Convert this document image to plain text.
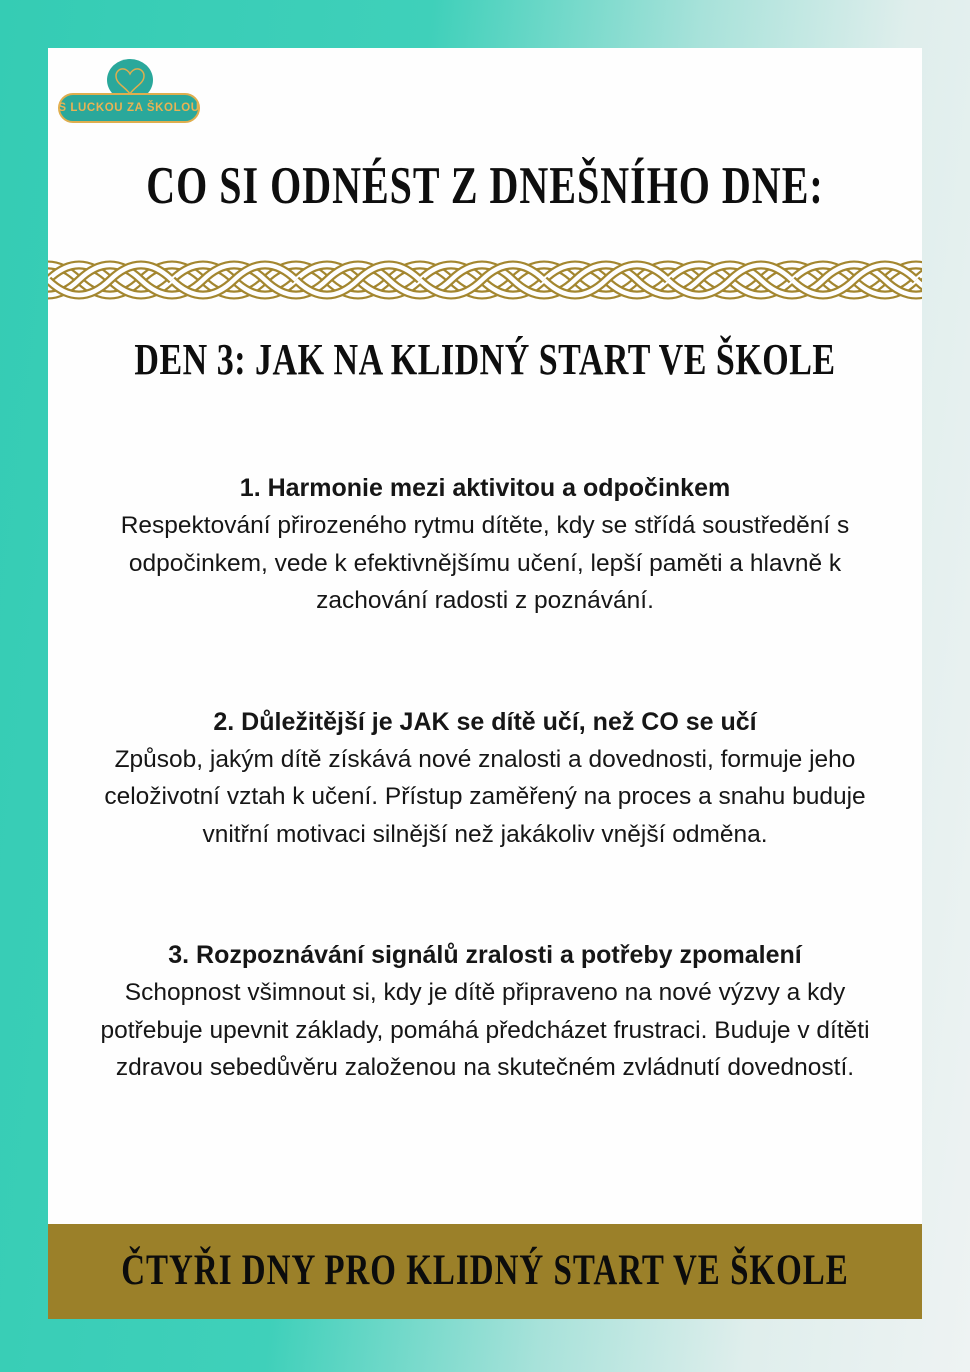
S LUCKOU ZA ŠKOLOU
CO SI ODNÉST Z DNEŠNÍHO DNE:
DEN 3: JAK NA KLIDNÝ START VE ŠKOLE
1. Harmonie mezi aktivitou a odpočinkem
Respektování přirozeného rytmu dítěte, kdy se střídá soustředění s odpočinkem, vede k efektivnějšímu učení, lepší paměti a hlavně k zachování radosti z poznávání.
2. Důležitější je JAK se dítě učí, než CO se učí
Způsob, jakým dítě získává nové znalosti a dovednosti, formuje jeho celoživotní vztah k učení. Přístup zaměřený na proces a snahu buduje vnitřní motivaci silnější než jakákoliv vnější odměna.
3. Rozpoznávání signálů zralosti a potřeby zpomalení
Schopnost všimnout si, kdy je dítě připraveno na nové výzvy a kdy potřebuje upevnit základy, pomáhá předcházet frustraci. Buduje v dítěti zdravou sebedůvěru založenou na skutečném zvládnutí dovedností.
ČTYŘI DNY PRO KLIDNÝ START VE ŠKOLE
